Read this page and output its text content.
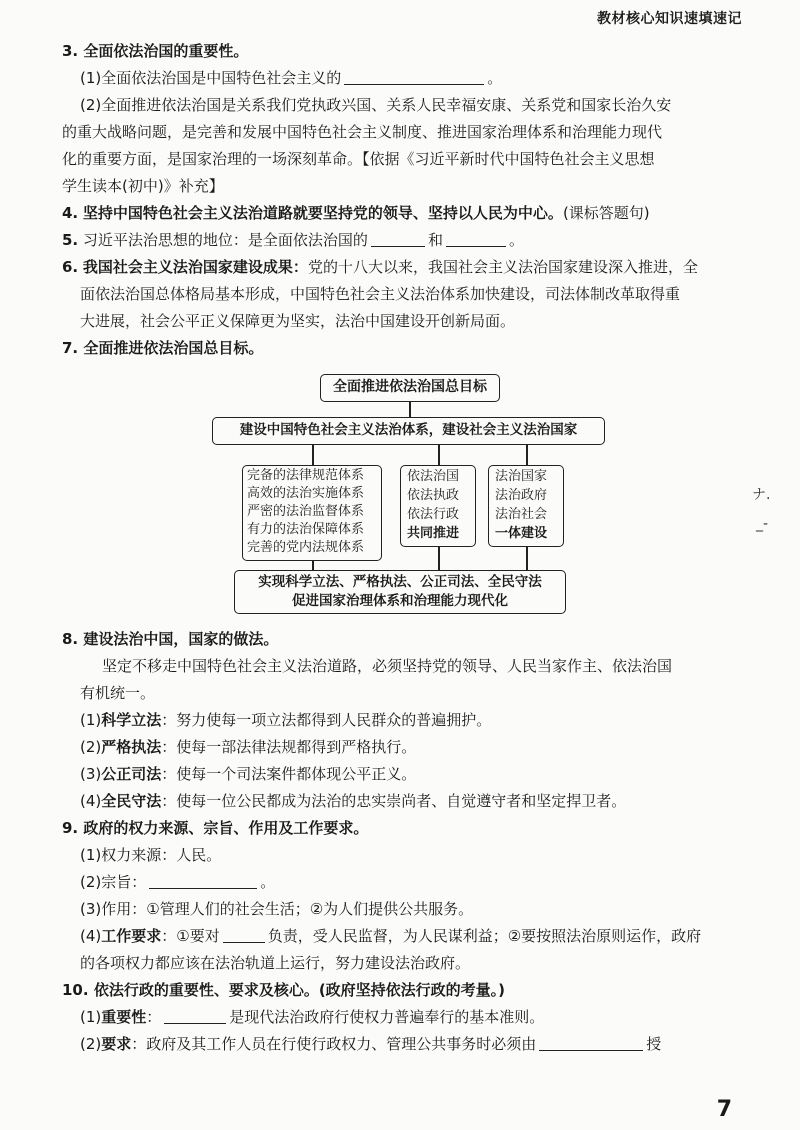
教材核心知识速填速记
3. 全面依法治国的重要性。
(1)全面依法治国是中国特色社会主义的	。
(2)全面推进依法治国是关系我们党执政兴国、关系人民幸福安康、关系党和国家长治久安
的重大战略问题，是完善和发展中国特色社会主义制度、推进国家治理体系和治理能力现代
化的重要方面，是国家治理的一场深刻革命。【依据《习近平新时代中国特色社会主义思想
学生读本(初中)》补充】
4. 坚持中国特色社会主义法治道路就要坚持党的领导、坚持以人民为中心。(课标答题句)
5. 习近平法治思想的地位：是全面依法治国的	和	。
6. 我国社会主义法治国家建设成果：党的十八大以来，我国社会主义法治国家建设深入推进，全
面依法治国总体格局基本形成，中国特色社会主义法治体系加快建设，司法体制改革取得重
大进展，社会公平正义保障更为坚实，法治中国建设开创新局面。
7. 全面推进依法治国总目标。
全面推进依法治国总目标
建设中国特色社会主义法治体系，建设社会主义法治国家
完备的法律规范体系
高效的法治实施体系
严密的法治监督体系
有力的法治保障体系
完善的党内法规体系
依法治国
依法执政
依法行政
共同推进
法治国家
法治政府
法治社会
一体建设
实现科学立法、严格执法、公正司法、全民守法
促进国家治理体系和治理能力现代化
8. 建设法治中国，国家的做法。
坚定不移走中国特色社会主义法治道路，必须坚持党的领导、人民当家作主、依法治国
有机统一。
(1)科学立法：努力使每一项立法都得到人民群众的普遍拥护。
(2)严格执法：使每一部法律法规都得到严格执行。
(3)公正司法：使每一个司法案件都体现公平正义。
(4)全民守法：使每一位公民都成为法治的忠实崇尚者、自觉遵守者和坚定捍卫者。
9. 政府的权力来源、宗旨、作用及工作要求。
(1)权力来源：人民。
(2)宗旨：	。
(3)作用：①管理人们的社会生活；②为人们提供公共服务。
(4)工作要求：①要对	负责，受人民监督，为人民谋利益；②要按照法治原则运作，政府
的各项权力都应该在法治轨道上运行，努力建设法治政府。
10. 依法行政的重要性、要求及核心。(政府坚持依法行政的考量。)
(1)重要性：	是现代法治政府行使权力普遍奉行的基本准则。
(2)要求：政府及其工作人员在行使行政权力、管理公共事务时必须由	授
ナ.
_-
7
